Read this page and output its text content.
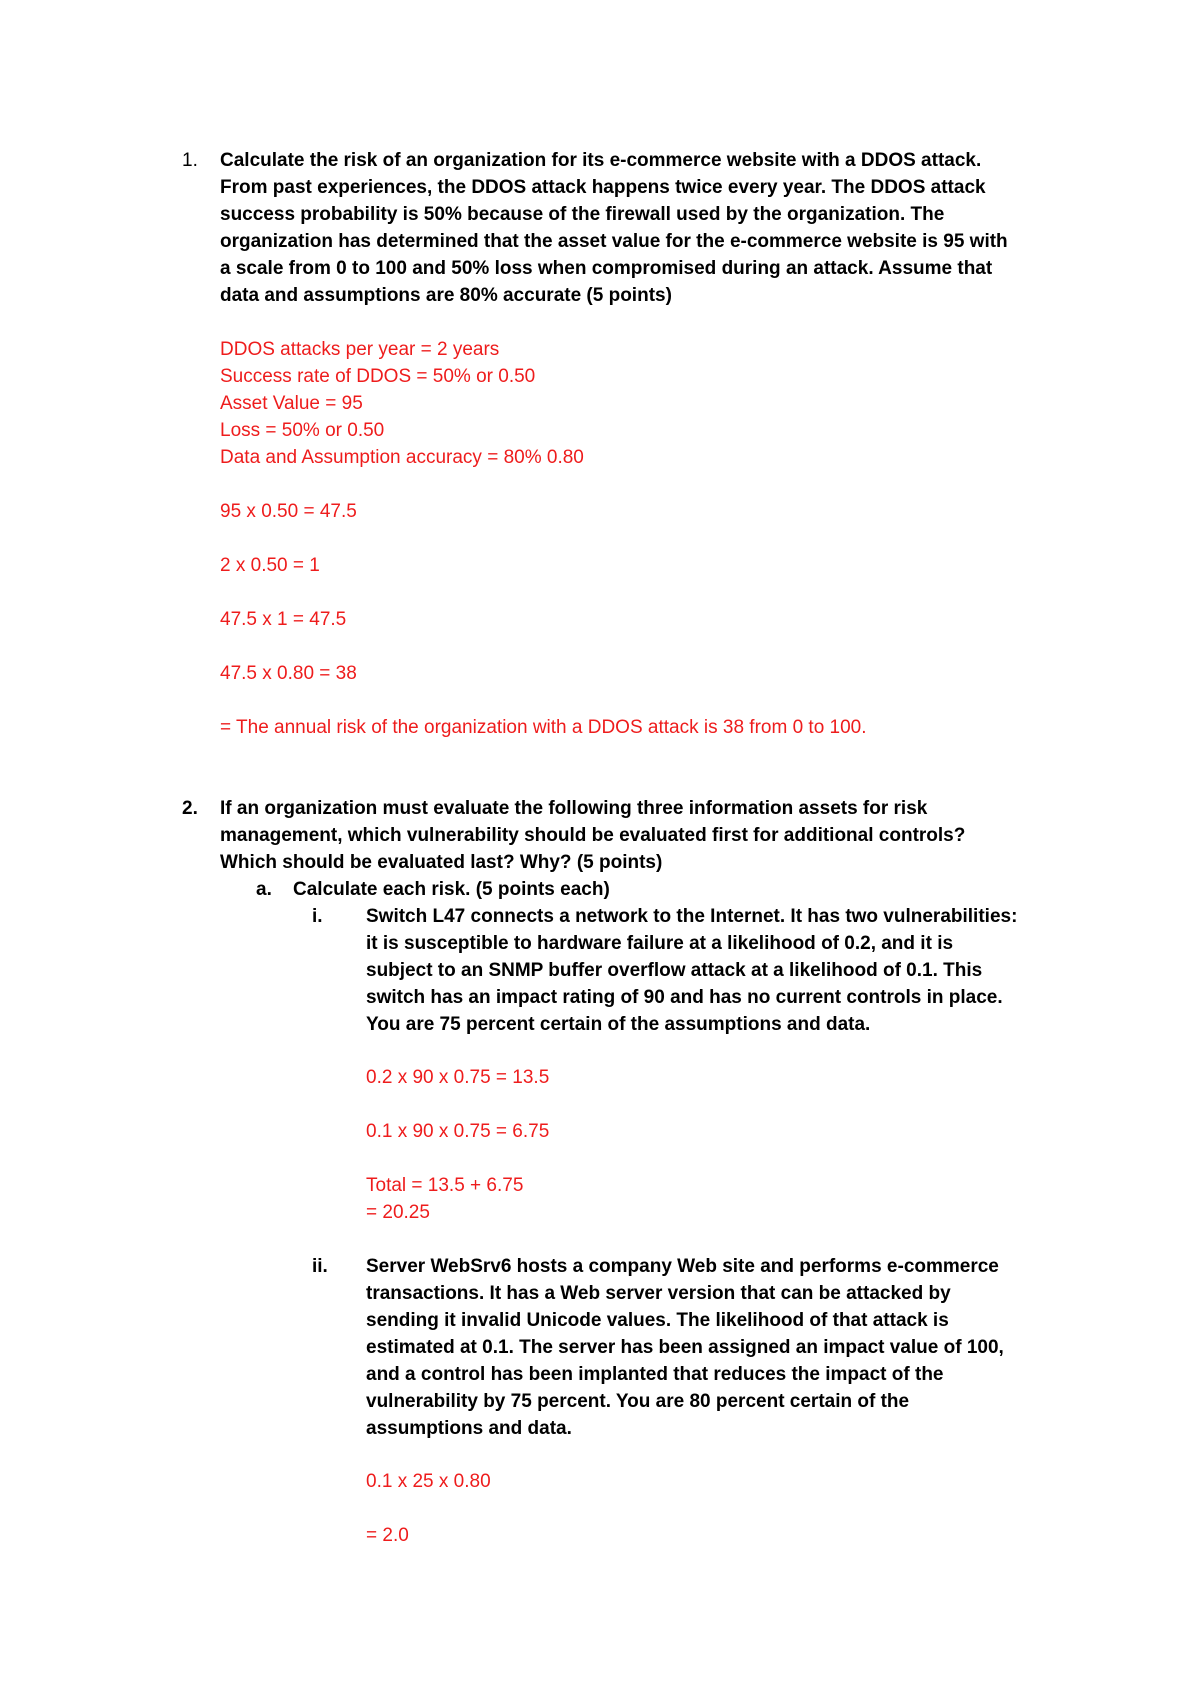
1.	Calculate the risk of an organization for its e-commerce website with a DDOS attack.
From past experiences, the DDOS attack happens twice every year. The DDOS attack
success probability is 50% because of the firewall used by the organization. The
organization has determined that the asset value for the e-commerce website is 95 with
a scale from 0 to 100 and 50% loss when compromised during an attack. Assume that
data and assumptions are 80% accurate (5 points)
DDOS attacks per year = 2 years
Success rate of DDOS = 50% or 0.50
Asset Value = 95
Loss = 50% or 0.50
Data and Assumption accuracy = 80% 0.80
95 x 0.50 = 47.5
2 x 0.50 = 1
47.5 x 1 = 47.5
47.5 x 0.80 = 38
= The annual risk of the organization with a DDOS attack is 38 from 0 to 100.
2.	If an organization must evaluate the following three information assets for risk
management, which vulnerability should be evaluated first for additional controls?
Which should be evaluated last? Why? (5 points)
a.	Calculate each risk. (5 points each)
i.	Switch L47 connects a network to the Internet. It has two vulnerabilities:
it is susceptible to hardware failure at a likelihood of 0.2, and it is
subject to an SNMP buffer overflow attack at a likelihood of 0.1. This
switch has an impact rating of 90 and has no current controls in place.
You are 75 percent certain of the assumptions and data.
0.2 x 90 x 0.75 = 13.5
0.1 x 90 x 0.75 = 6.75
Total = 13.5 + 6.75
= 20.25
ii.	Server WebSrv6 hosts a company Web site and performs e-commerce
transactions. It has a Web server version that can be attacked by
sending it invalid Unicode values. The likelihood of that attack is
estimated at 0.1. The server has been assigned an impact value of 100,
and a control has been implanted that reduces the impact of the
vulnerability by 75 percent. You are 80 percent certain of the
assumptions and data.
0.1 x 25 x 0.80
= 2.0
